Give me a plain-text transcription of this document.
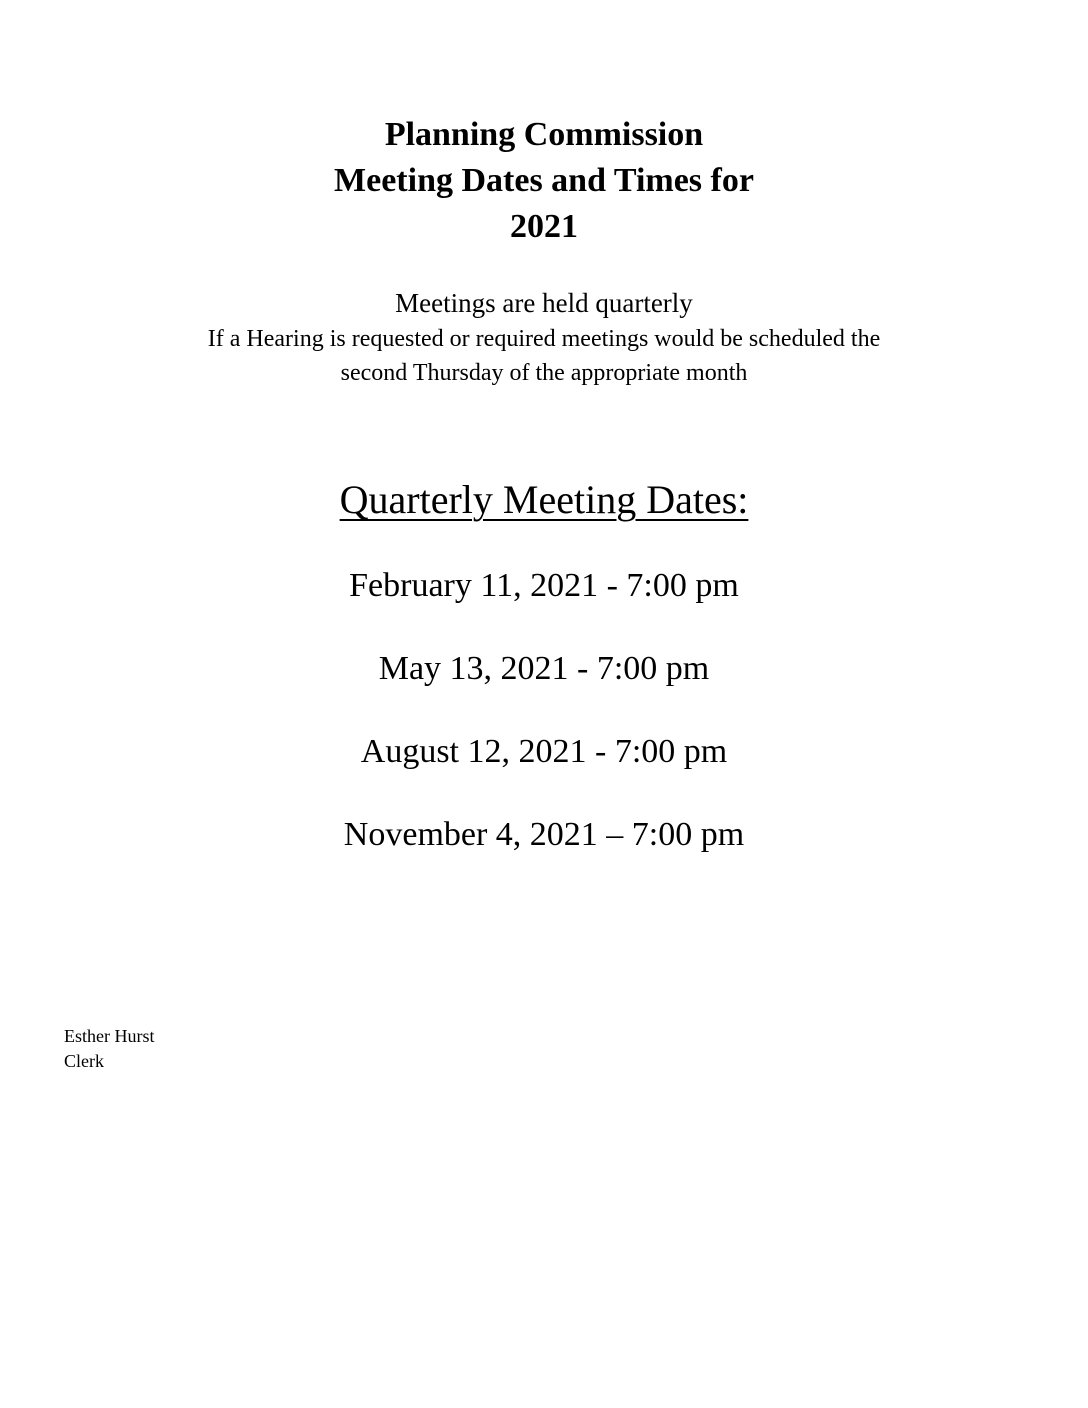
Planning Commission
Meeting Dates and Times for
2021
Meetings are held quarterly
If a Hearing is requested or required meetings would be scheduled the
second Thursday of the appropriate month
Quarterly Meeting Dates:
February 11, 2021 - 7:00 pm
May 13, 2021 - 7:00 pm
August 12, 2021 - 7:00 pm
November 4, 2021 – 7:00 pm
Esther Hurst
Clerk
